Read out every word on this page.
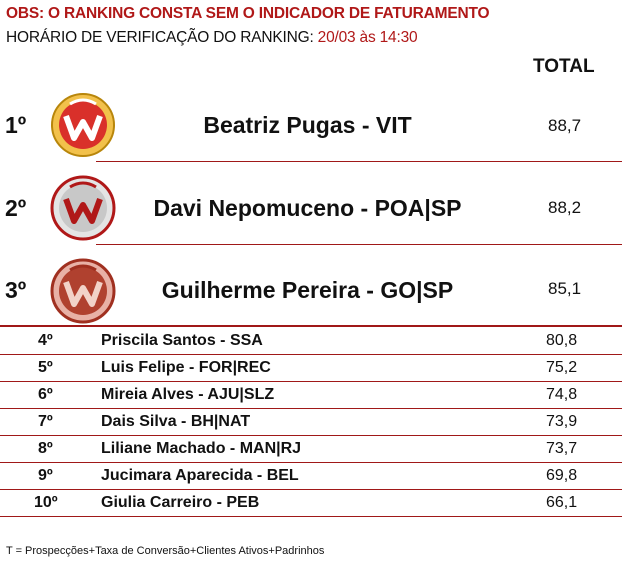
OBS: O RANKING CONSTA SEM O INDICADOR DE FATURAMENTO
HORÁRIO DE VERIFICAÇÃO DO RANKING: 20/03 às 14:30
TOTAL
1º	Beatriz Pugas - VIT	88,7
2º	Davi Nepomuceno - POA|SP	88,2
3º	Guilherme Pereira - GO|SP	85,1
4º	Priscila Santos - SSA	80,8
5º	Luis Felipe - FOR|REC	75,2
6º	Mireia Alves - AJU|SLZ	74,8
7º	Dais Silva - BH|NAT	73,9
8º	Liliane Machado - MAN|RJ	73,7
9º	Jucimara Aparecida - BEL	69,8
10º	Giulia Carreiro - PEB	66,1
T = Prospecções+Taxa de Conversão+Clientes Ativos+Padrinhos
